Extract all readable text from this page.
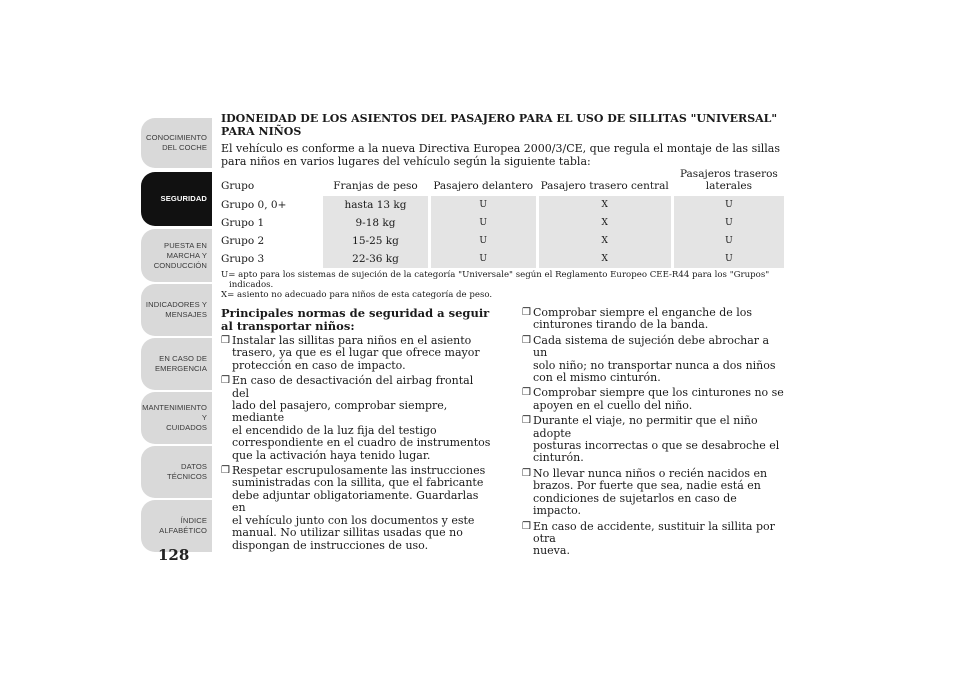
CONOCIMIENTO
DEL COCHE
SEGURIDAD
PUESTA EN
MARCHA Y
CONDUCCIÓN
INDICADORES Y
MENSAJES
EN CASO DE
EMERGENCIA
MANTENIMIENTO Y
CUIDADOS
DATOS TÉCNICOS
ÍNDICE
ALFABÉTICO
128

IDONEIDAD DE LOS ASIENTOS DEL PASAJERO PARA EL USO DE SILLITAS "UNIVERSAL" PARA NIÑOS

El vehículo es conforme a la nueva Directiva Europea 2000/3/CE, que regula el montaje de las sillas para niños en varios lugares del vehículo según la siguiente tabla:

Grupo	Franjas de peso	Pasajero delantero	Pasajero trasero central	Pasajeros traseros laterales
Grupo 0, 0+	hasta 13 kg	U	X	U
Grupo 1	9-18 kg	U	X	U
Grupo 2	15-25 kg	U	X	U
Grupo 3	22-36 kg	U	X	U

U= apto para los sistemas de sujeción de la categoría "Universale" según el Reglamento Europeo CEE-R44 para los "Grupos"

indicados.

X= asiento no adecuado para niños de esta categoría de peso.

Principales normas de seguridad a seguir al transportar niños:

❒ Instalar las sillitas para niños en el asiento
trasero, ya que es el lugar que ofrece mayor
protección en caso de impacto.
❒ En caso de desactivación del airbag frontal del
lado del pasajero, comprobar siempre, mediante
el encendido de la luz fija del testigo
correspondiente en el cuadro de instrumentos
que la activación haya tenido lugar.
❒ Respetar escrupulosamente las instrucciones
suministradas con la sillita, que el fabricante
debe adjuntar obligatoriamente. Guardarlas en
el vehículo junto con los documentos y este
manual. No utilizar sillitas usadas que no
dispongan de instrucciones de uso.
❒ Comprobar siempre el enganche de los
cinturones tirando de la banda.
❒ Cada sistema de sujeción debe abrochar a un
solo niño; no transportar nunca a dos niños
con el mismo cinturón.
❒ Comprobar siempre que los cinturones no se
apoyen en el cuello del niño.
❒ Durante el viaje, no permitir que el niño adopte
posturas incorrectas o que se desabroche el
cinturón.
❒ No llevar nunca niños o recién nacidos en
brazos. Por fuerte que sea, nadie está en
condiciones de sujetarlos en caso de impacto.
❒ En caso de accidente, sustituir la sillita por otra
nueva.
